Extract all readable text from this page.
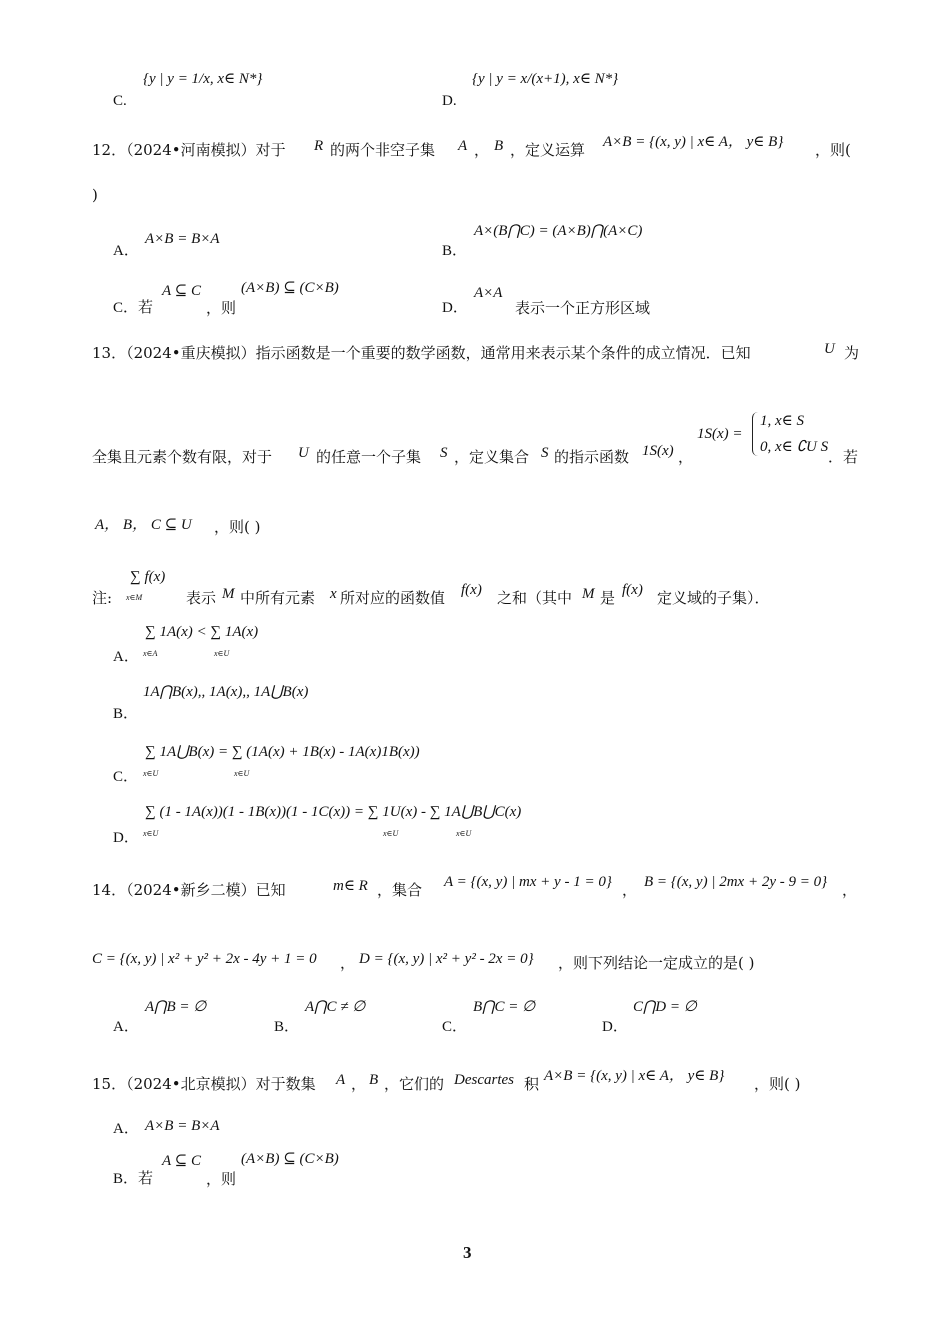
C.
{y | y = 1/x, x∈ N*}
D.
{y | y = x/(x+1), x∈ N*}
12．（2024•河南模拟）对于 R 的两个非空子集 A ， B ，定义运算 A×B = {(x, y) | x∈ A， y∈ B} ，则(
)
A．
A×B = B×A
B．
A×(B⋂C) = (A×B)⋂(A×C)
C．若
A ⊆ C
，则
(A×B) ⊆ (C×B)
D．
A×A
表示一个正方形区域
13．（2024•重庆模拟）指示函数是一个重要的数学函数，通常用来表示某个条件的成立情况．已知	U 为
全集且元素个数有限，对于 U 的任意一个子集 S ，定义集合 S 的指示函数 1S(x) ，
1S(x) =
1, x∈ S
0, x∈ ∁U S
．若
A， B， C ⊆ U ，则( )
注:
∑ f(x)
x∈M	表示 M 中所有元素 x 所对应的函数值 f(x) 之和（其中 M 是 f(x) 定义域的子集）．
A．
∑ 1A(x) < ∑ 1A(x)
x∈A	x∈U
B．
1A⋂B(x),, 1A(x),, 1A⋃B(x)
C．
∑ 1A⋃B(x) = ∑ (1A(x) + 1B(x) - 1A(x)1B(x))
x∈U	x∈U
D．
∑ (1 - 1A(x))(1 - 1B(x))(1 - 1C(x)) = ∑ 1U(x) - ∑ 1A⋃B⋃C(x)
x∈U	x∈U	x∈U
14．（2024•新乡二模）已知	m∈ R ，集合 A = {(x, y) | mx + y - 1 = 0} ， B = {(x, y) | 2mx + 2y - 9 = 0} ，
C = {(x, y) | x² + y² + 2x - 4y + 1 = 0 ， D = {(x, y) | x² + y² - 2x = 0} ，则下列结论一定成立的是( )
A．
A⋂B = ∅
B．
A⋂C ≠ ∅
C．
B⋂C = ∅
D．
C⋂D = ∅
15．（2024•北京模拟）对于数集 A ， B ，它们的 Descartes 积 A×B = {(x, y) | x∈ A， y∈ B} ，则( )
A． A×B = B×A
B．若
A ⊆ C
，则
(A×B) ⊆ (C×B)
3
